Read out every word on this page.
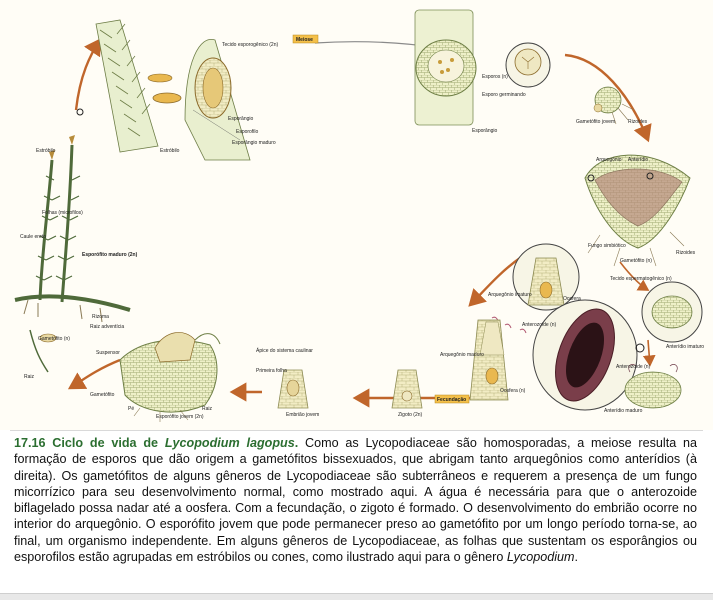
Meiose
Fecundação
Tecido esporogênico (2n)
Esporângio
Esporofilo
Esporângio maduro
Estróbilo
Esporos (n)
Esporo germinando
Esporângio
Gametófito jovem	Rizoides
Arquegônio Anterídio
Fungo simbiótico
Gametófito (n)
Rizoides
Estróbilo
Folhas (microfilos)
Caule ereto
Esporófito maduro (2n)
Rizoma
Raiz adventícia
Gametófito (n)
Raiz
Arquegônio imaturo
Oosfera
Tecido espermatogênico (n)
Anterídio imaturo
Anterozoide (n)
Anterozoide (n)
Anterídio maduro
Arquegônio maduro
Oosfera (n)
Zigoto (2n)
Embrião jovem
Suspensor	Ápice do sistema caulinar
Primeira folha
Gametófito
Pé
Esporófito jovem (2n)
Raiz

17.16 Ciclo de vida de Lycopodium lagopus. Como as Lycopodiaceae são homosporadas, a meiose resulta na formação de esporos que dão origem a gametófitos bissexuados, que abrigam tanto arquegônios como anterídios (à direita). Os gametófitos de alguns gêneros de Lycopodiaceae são subterrâneos e requerem a presença de um fungo micorrízico para seu desenvolvimento normal, como mostrado aqui. A água é necessária para que o anterozoide biflagelado possa nadar até a oosfera. Com a fecundação, o zigoto é formado. O desenvolvimento do embrião ocorre no interior do arquegônio. O esporófito jovem que pode permanecer preso ao gametófito por um longo período torna-se, ao final, um organismo independente. Em alguns gêneros de Lycopodiaceae, as folhas que sustentam os esporângios ou esporofilos estão agrupadas em estróbilos ou cones, como ilustrado aqui para o gênero Lycopodium.
